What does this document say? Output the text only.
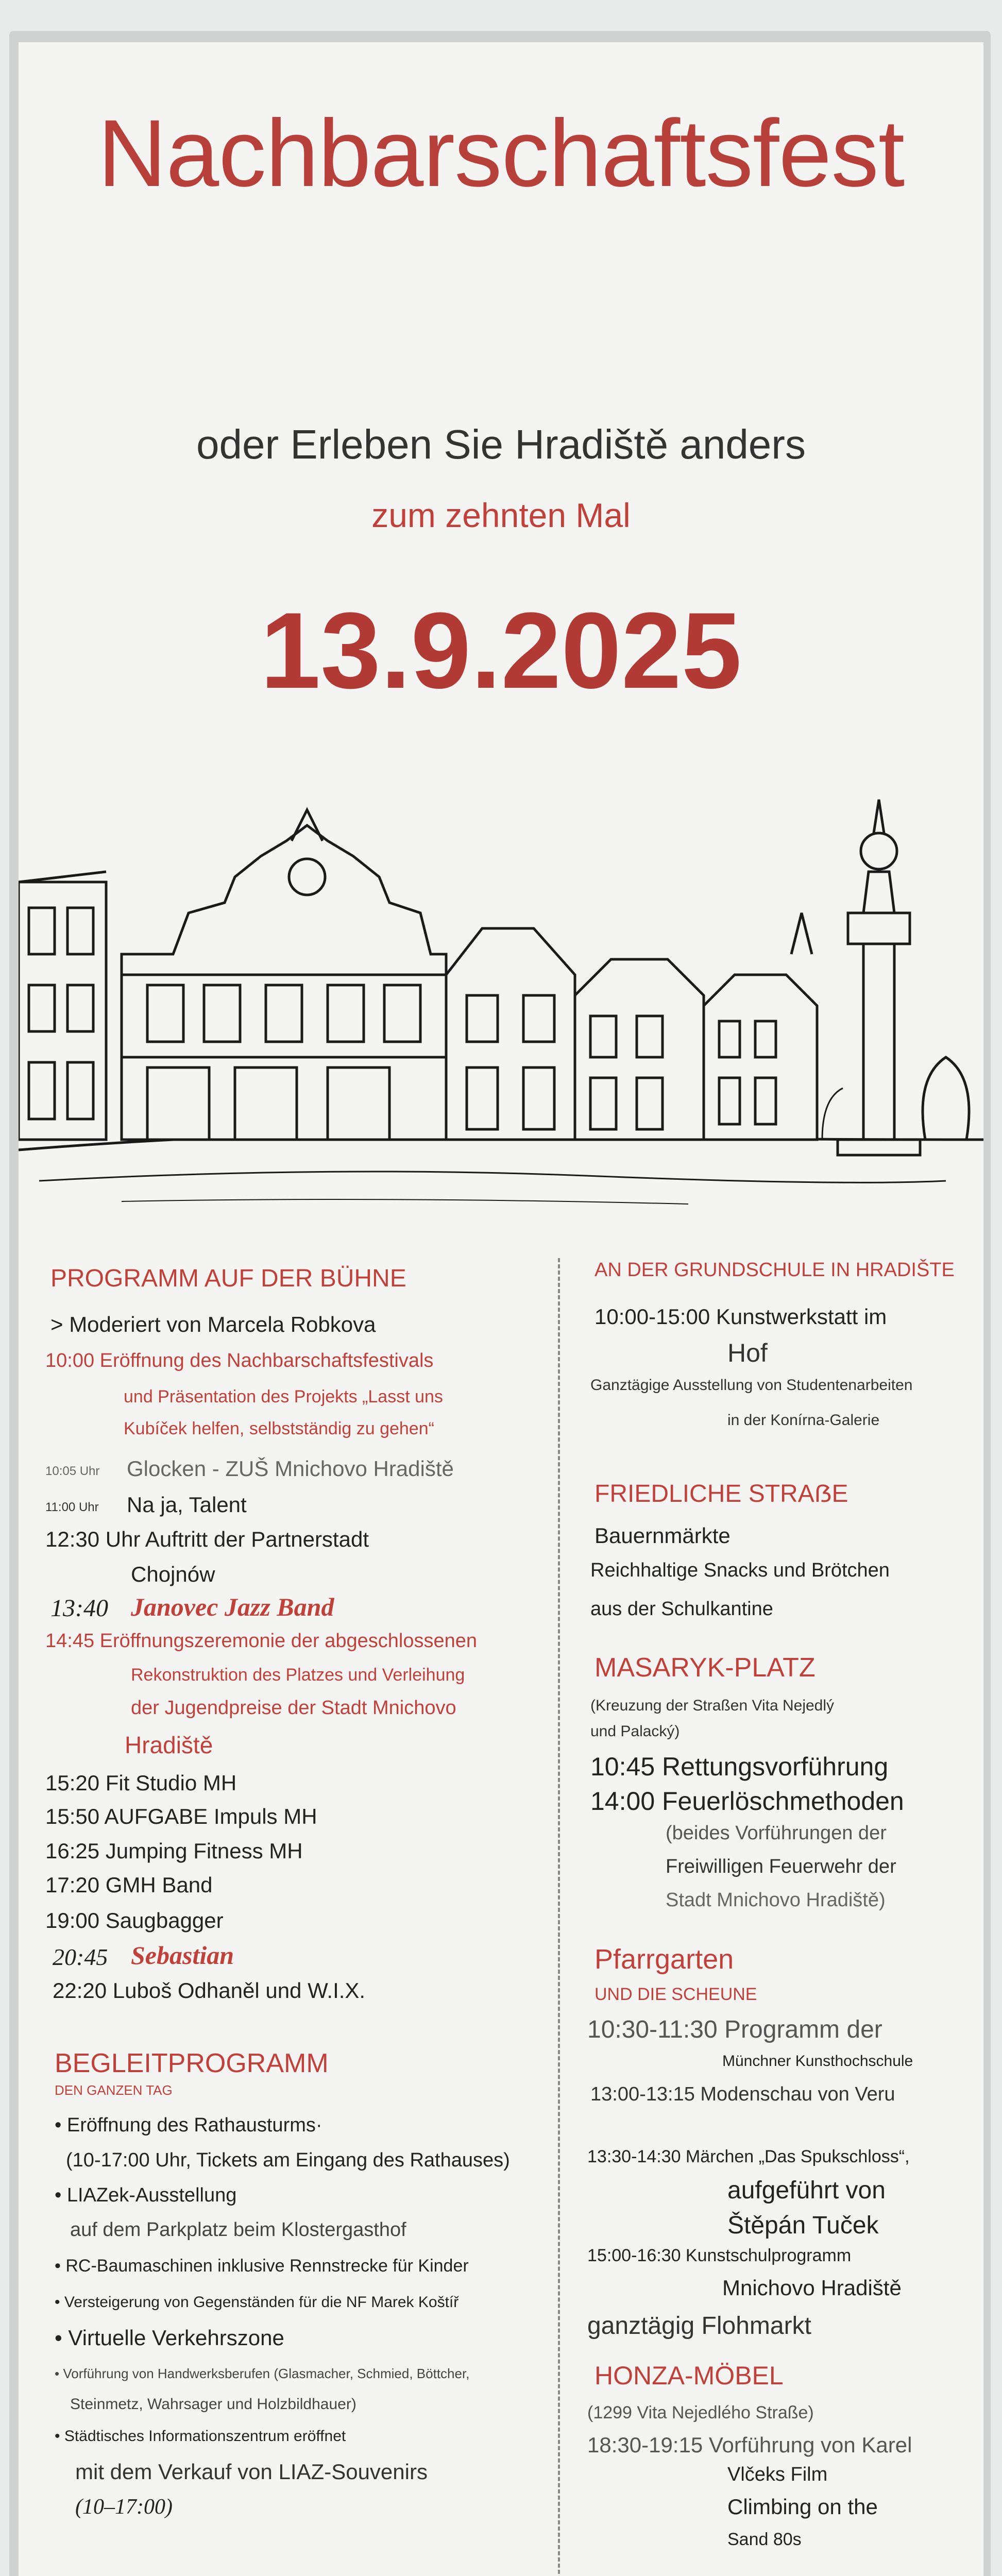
Nachbarschaftsfest
oder Erleben Sie Hradiště anders
zum zehnten Mal
13.9.2025
PROGRAMM AUF DER BÜHNE
> Moderiert von Marcela Robkova
10:00 Eröffnung des Nachbarschaftsfestivals
und Präsentation des Projekts „Lasst uns
Kubíček helfen, selbstständig zu gehen“
10:05 Uhr Glocken - ZUŠ Mnichovo Hradiště
11:00 Uhr Na ja, Talent
12:30 Uhr Auftritt der Partnerstadt
Chojnów
13:40 Janovec Jazz Band
14:45 Eröffnungszeremonie der abgeschlossenen
Rekonstruktion des Platzes und Verleihung
der Jugendpreise der Stadt Mnichovo
Hradiště
15:20 Fit Studio MH
15:50 AUFGABE Impuls MH
16:25 Jumping Fitness MH
17:20 GMH Band
19:00 Saugbagger
20:45 Sebastian
22:20 Luboš Odhaněl und W.I.X.
BEGLEITPROGRAMM
DEN GANZEN TAG
• Eröffnung des Rathausturms·
(10-17:00 Uhr, Tickets am Eingang des Rathauses)
• LIAZek-Ausstellung
auf dem Parkplatz beim Klostergasthof
• RC-Baumaschinen inklusive Rennstrecke für Kinder
• Versteigerung von Gegenständen für die NF Marek Koštíř
• Virtuelle Verkehrszone
• Vorführung von Handwerksberufen (Glasmacher, Schmied, Böttcher,
Steinmetz, Wahrsager und Holzbildhauer)
• Städtisches Informationszentrum eröffnet
mit dem Verkauf von LIAZ-Souvenirs
(10–17:00)
AN DER GRUNDSCHULE IN HRADIŠTE
10:00-15:00 Kunstwerkstatt im
Hof
Ganztägige Ausstellung von Studentenarbeiten
in der Konírna-Galerie
FRIEDLICHE STRAẞE
Bauernmärkte
Reichhaltige Snacks und Brötchen
aus der Schulkantine
MASARYK-PLATZ
(Kreuzung der Straßen Vita Nejedlý
und Palacký)
10:45 Rettungsvorführung
14:00 Feuerlöschmethoden
(beides Vorführungen der
Freiwilligen Feuerwehr der
Stadt Mnichovo Hradiště)
Pfarrgarten
UND DIE SCHEUNE
10:30-11:30 Programm der
Münchner Kunsthochschule
13:00-13:15 Modenschau von Veru
13:30-14:30 Märchen „Das Spukschloss“,
aufgeführt von
Štěpán Tuček
15:00-16:30 Kunstschulprogramm
Mnichovo Hradiště
ganztägig Flohmarkt
HONZA-MÖBEL
(1299 Vita Nejedlého Straße)
18:30-19:15 Vorführung von Karel
Vlčeks Film
Climbing on the
Sand 80s
